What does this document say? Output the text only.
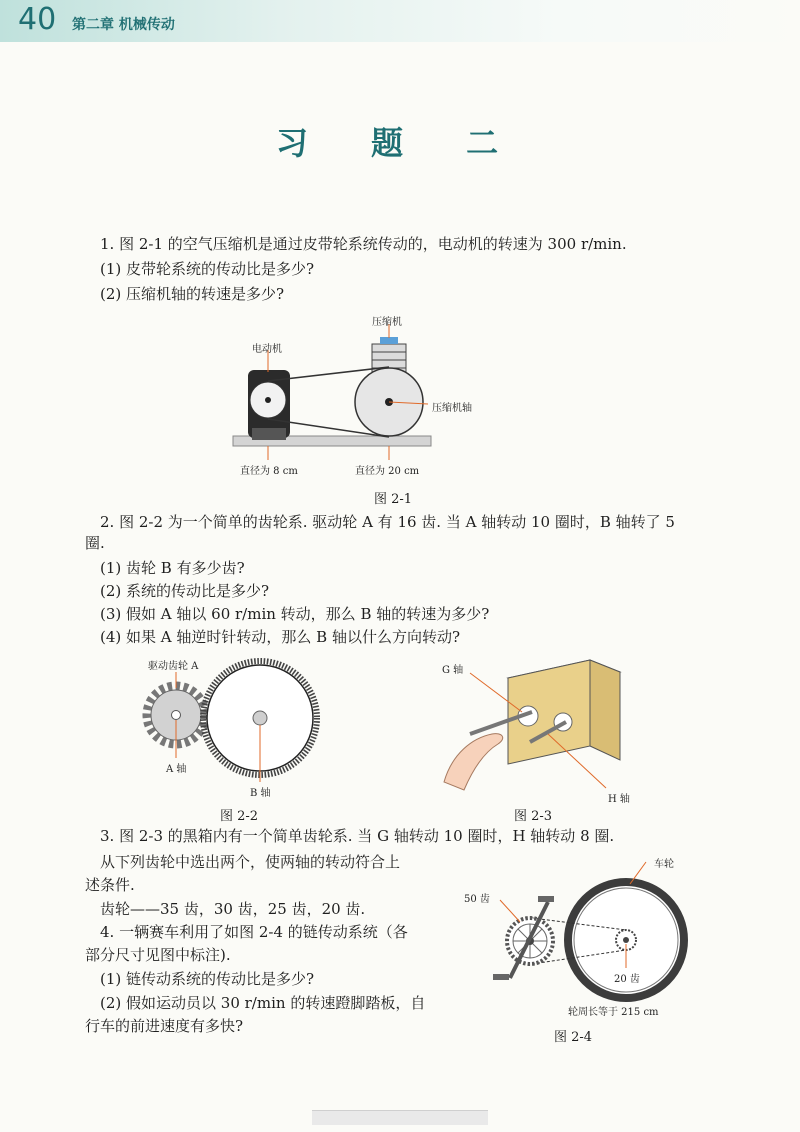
40 第二章 机械传动
习 题 二
1. 图 2-1 的空气压缩机是通过皮带轮系统传动的，电动机的转速为 300 r/min.
(1) 皮带轮系统的传动比是多少?
(2) 压缩机轴的转速是多少?
压缩机
电动机
压缩机轴
直径为 8 cm	直径为 20 cm
图 2-1
2. 图 2-2 为一个简单的齿轮系. 驱动轮 A 有 16 齿. 当 A 轴转动 10 圈时，B 轴转了 5
圈.
(1) 齿轮 B 有多少齿?
(2) 系统的传动比是多少?
(3) 假如 A 轴以 60 r/min 转动，那么 B 轴的转速为多少?
(4) 如果 A 轴逆时针转动，那么 B 轴以什么方向转动?
驱动齿轮 A
A 轴
B 轴
图 2-2
G 轴
H 轴
图 2-3
3. 图 2-3 的黑箱内有一个简单齿轮系. 当 G 轴转动 10 圈时，H 轴转动 8 圈.
从下列齿轮中选出两个，使两轴的转动符合上
述条件.
齿轮——35 齿，30 齿，25 齿，20 齿.
4. 一辆赛车利用了如图 2-4 的链传动系统（各
部分尺寸见图中标注).
(1) 链传动系统的传动比是多少?
(2) 假如运动员以 30 r/min 的转速蹬脚踏板，自
行车的前进速度有多快?
车轮
50 齿
20 齿
轮周长等于 215 cm
图 2-4
